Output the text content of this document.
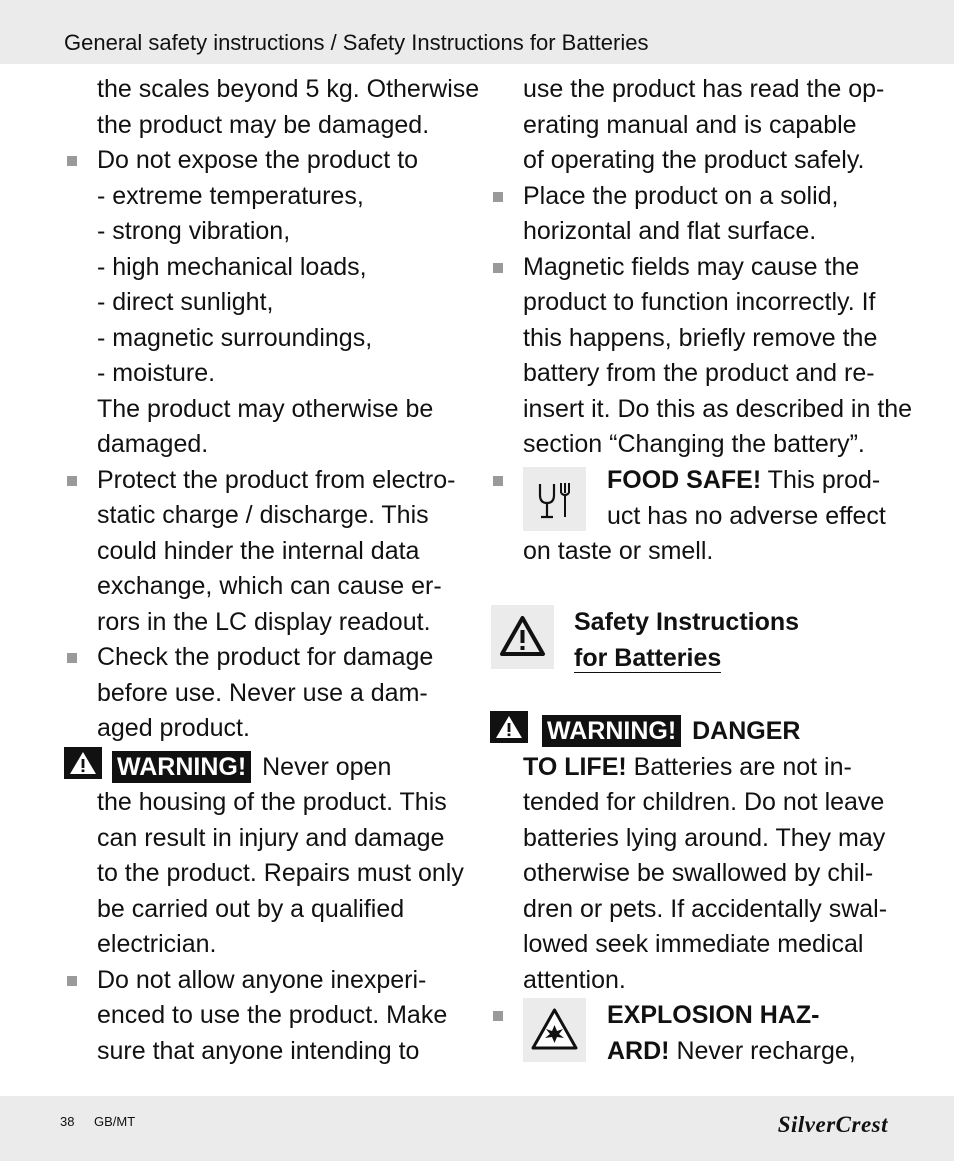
General safety instructions / Safety Instructions for Batteries
the scales beyond 5 kg. Otherwise
the product may be damaged.
Do not expose the product to
- extreme temperatures,
- strong vibration,
- high mechanical loads,
- direct sunlight,
- magnetic surroundings,
- moisture.
The product may otherwise be
damaged.
Protect the product from electro-
static charge / discharge. This
could hinder the internal data
exchange, which can cause er-
rors in the LC display readout.
Check the product for damage
before use. Never use a dam-
aged product.
WARNING! Never open
the housing of the product. This
can result in injury and damage
to the product. Repairs must only
be carried out by a qualified
electrician.
Do not allow anyone inexperi-
enced to use the product. Make
sure that anyone intending to
use the product has read the op-
erating manual and is capable
of operating the product safely.
Place the product on a solid,
horizontal and flat surface.
Magnetic fields may cause the
product to function incorrectly. If
this happens, briefly remove the
battery from the product and re-
insert it. Do this as described in the
section “Changing the battery”.
FOOD SAFE! This prod-
uct has no adverse effect
on taste or smell.
Safety Instructions
for Batteries
WARNING! DANGER
TO LIFE! Batteries are not in-
tended for children. Do not leave
batteries lying around. They may
otherwise be swallowed by chil-
dren or pets. If accidentally swal-
lowed seek immediate medical
attention.
EXPLOSION HAZ-
ARD! Never recharge,
38 GB/MT	SilverCrest
